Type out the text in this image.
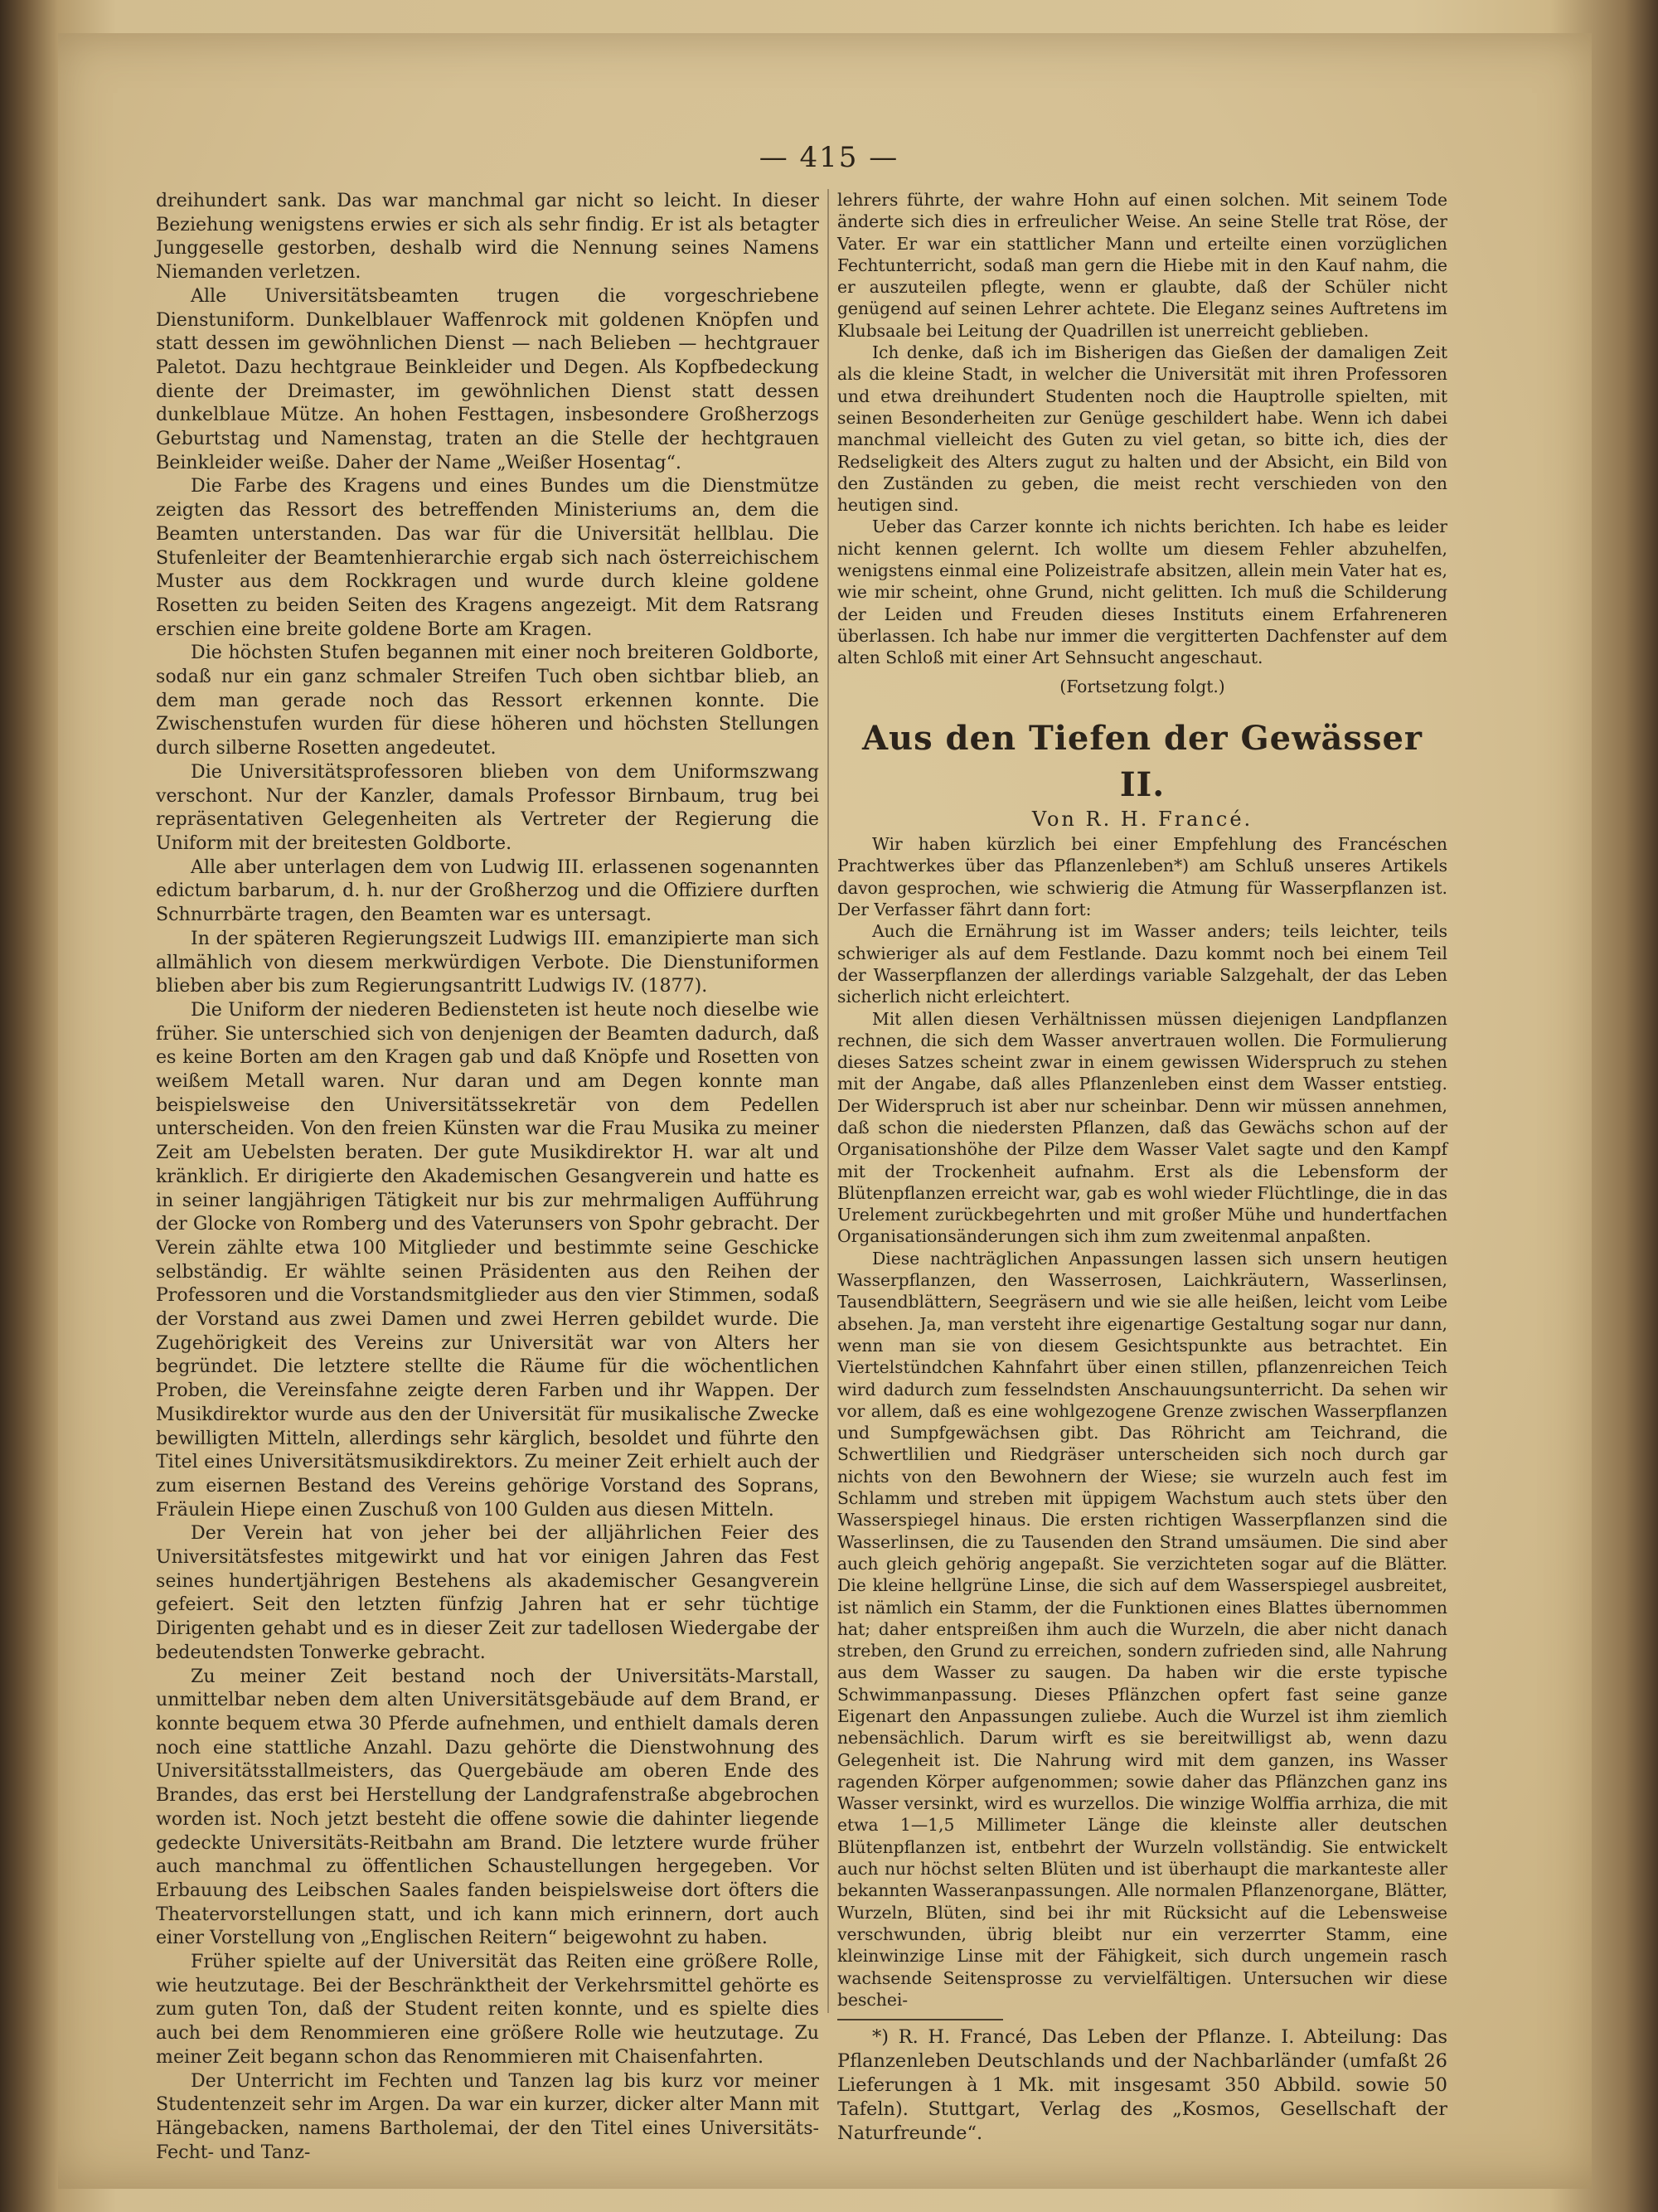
— 415 —

dreihundert sank. Das war manchmal gar nicht so leicht. In dieser Beziehung wenigstens erwies er sich als sehr findig. Er ist als betagter Junggeselle gestorben, deshalb wird die Nennung seines Namens Niemanden verletzen.

Alle Universitätsbeamten trugen die vorgeschriebene Dienstuniform. Dunkelblauer Waffenrock mit goldenen Knöpfen und statt dessen im gewöhnlichen Dienst — nach Belieben — hechtgrauer Paletot. Dazu hechtgraue Beinkleider und Degen. Als Kopfbedeckung diente der Dreimaster, im gewöhnlichen Dienst statt dessen dunkelblaue Mütze. An hohen Festtagen, insbesondere Großherzogs Geburtstag und Namenstag, traten an die Stelle der hechtgrauen Beinkleider weiße. Daher der Name „Weißer Hosentag“.

Die Farbe des Kragens und eines Bundes um die Dienstmütze zeigten das Ressort des betreffenden Ministeriums an, dem die Beamten unterstanden. Das war für die Universität hellblau. Die Stufenleiter der Beamtenhierarchie ergab sich nach österreichischem Muster aus dem Rockkragen und wurde durch kleine goldene Rosetten zu beiden Seiten des Kragens angezeigt. Mit dem Ratsrang erschien eine breite goldene Borte am Kragen.

Die höchsten Stufen begannen mit einer noch breiteren Goldborte, sodaß nur ein ganz schmaler Streifen Tuch oben sichtbar blieb, an dem man gerade noch das Ressort erkennen konnte. Die Zwischenstufen wurden für diese höheren und höchsten Stellungen durch silberne Rosetten angedeutet.

Die Universitätsprofessoren blieben von dem Uniformszwang verschont. Nur der Kanzler, damals Professor Birnbaum, trug bei repräsentativen Gelegenheiten als Vertreter der Regierung die Uniform mit der breitesten Goldborte.

Alle aber unterlagen dem von Ludwig III. erlassenen sogenannten edictum barbarum, d. h. nur der Großherzog und die Offiziere durften Schnurrbärte tragen, den Beamten war es untersagt.

In der späteren Regierungszeit Ludwigs III. emanzipierte man sich allmählich von diesem merkwürdigen Verbote. Die Dienstuniformen blieben aber bis zum Regierungsantritt Ludwigs IV. (1877).

Die Uniform der niederen Bediensteten ist heute noch dieselbe wie früher. Sie unterschied sich von denjenigen der Beamten dadurch, daß es keine Borten am den Kragen gab und daß Knöpfe und Rosetten von weißem Metall waren. Nur daran und am Degen konnte man beispielsweise den Universitätssekretär von dem Pedellen unterscheiden. Von den freien Künsten war die Frau Musika zu meiner Zeit am Uebelsten beraten. Der gute Musikdirektor H. war alt und kränklich. Er dirigierte den Akademischen Gesangverein und hatte es in seiner langjährigen Tätigkeit nur bis zur mehrmaligen Aufführung der Glocke von Romberg und des Vaterunsers von Spohr gebracht. Der Verein zählte etwa 100 Mitglieder und bestimmte seine Geschicke selbständig. Er wählte seinen Präsidenten aus den Reihen der Professoren und die Vorstandsmitglieder aus den vier Stimmen, sodaß der Vorstand aus zwei Damen und zwei Herren gebildet wurde. Die Zugehörigkeit des Vereins zur Universität war von Alters her begründet. Die letztere stellte die Räume für die wöchentlichen Proben, die Vereinsfahne zeigte deren Farben und ihr Wappen. Der Musikdirektor wurde aus den der Universität für musikalische Zwecke bewilligten Mitteln, allerdings sehr kärglich, besoldet und führte den Titel eines Universitätsmusikdirektors. Zu meiner Zeit erhielt auch der zum eisernen Bestand des Vereins gehörige Vorstand des Soprans, Fräulein Hiepe einen Zuschuß von 100 Gulden aus diesen Mitteln.

Der Verein hat von jeher bei der alljährlichen Feier des Universitätsfestes mitgewirkt und hat vor einigen Jahren das Fest seines hundertjährigen Bestehens als akademischer Gesangverein gefeiert. Seit den letzten fünfzig Jahren hat er sehr tüchtige Dirigenten gehabt und es in dieser Zeit zur tadellosen Wiedergabe der bedeutendsten Tonwerke gebracht.

Zu meiner Zeit bestand noch der Universitäts-Marstall, unmittelbar neben dem alten Universitätsgebäude auf dem Brand, er konnte bequem etwa 30 Pferde aufnehmen, und enthielt damals deren noch eine stattliche Anzahl. Dazu gehörte die Dienstwohnung des Universitätsstallmeisters, das Quergebäude am oberen Ende des Brandes, das erst bei Herstellung der Landgrafenstraße abgebrochen worden ist. Noch jetzt besteht die offene sowie die dahinter liegende gedeckte Universitäts-Reitbahn am Brand. Die letztere wurde früher auch manchmal zu öffentlichen Schaustellungen hergegeben. Vor Erbauung des Leibschen Saales fanden beispielsweise dort öfters die Theatervorstellungen statt, und ich kann mich erinnern, dort auch einer Vorstellung von „Englischen Reitern“ beigewohnt zu haben.

Früher spielte auf der Universität das Reiten eine größere Rolle, wie heutzutage. Bei der Beschränktheit der Verkehrsmittel gehörte es zum guten Ton, daß der Student reiten konnte, und es spielte dies auch bei dem Renommieren eine größere Rolle wie heutzutage. Zu meiner Zeit begann schon das Renommieren mit Chaisenfahrten.

Der Unterricht im Fechten und Tanzen lag bis kurz vor meiner Studentenzeit sehr im Argen. Da war ein kurzer, dicker alter Mann mit Hängebacken, namens Bartholemai, der den Titel eines Universitäts-Fecht- und Tanz-

lehrers führte, der wahre Hohn auf einen solchen. Mit seinem Tode änderte sich dies in erfreulicher Weise. An seine Stelle trat Röse, der Vater. Er war ein stattlicher Mann und erteilte einen vorzüglichen Fechtunterricht, sodaß man gern die Hiebe mit in den Kauf nahm, die er auszuteilen pflegte, wenn er glaubte, daß der Schüler nicht genügend auf seinen Lehrer achtete. Die Eleganz seines Auftretens im Klubsaale bei Leitung der Quadrillen ist unerreicht geblieben.

Ich denke, daß ich im Bisherigen das Gießen der damaligen Zeit als die kleine Stadt, in welcher die Universität mit ihren Professoren und etwa dreihundert Studenten noch die Hauptrolle spielten, mit seinen Besonderheiten zur Genüge geschildert habe. Wenn ich dabei manchmal vielleicht des Guten zu viel getan, so bitte ich, dies der Redseligkeit des Alters zugut zu halten und der Absicht, ein Bild von den Zuständen zu geben, die meist recht verschieden von den heutigen sind.

Ueber das Carzer konnte ich nichts berichten. Ich habe es leider nicht kennen gelernt. Ich wollte um diesem Fehler abzuhelfen, wenigstens einmal eine Polizeistrafe absitzen, allein mein Vater hat es, wie mir scheint, ohne Grund, nicht gelitten. Ich muß die Schilderung der Leiden und Freuden dieses Instituts einem Erfahreneren überlassen. Ich habe nur immer die vergitterten Dachfenster auf dem alten Schloß mit einer Art Sehnsucht angeschaut.

(Fortsetzung folgt.)
Aus den Tiefen der Gewässer II.
Von R. H. Francé.

Wir haben kürzlich bei einer Empfehlung des Francéschen Prachtwerkes über das Pflanzenleben*) am Schluß unseres Artikels davon gesprochen, wie schwierig die Atmung für Wasserpflanzen ist. Der Verfasser fährt dann fort:

Auch die Ernährung ist im Wasser anders; teils leichter, teils schwieriger als auf dem Festlande. Dazu kommt noch bei einem Teil der Wasserpflanzen der allerdings variable Salzgehalt, der das Leben sicherlich nicht erleichtert.

Mit allen diesen Verhältnissen müssen diejenigen Landpflanzen rechnen, die sich dem Wasser anvertrauen wollen. Die Formulierung dieses Satzes scheint zwar in einem gewissen Widerspruch zu stehen mit der Angabe, daß alles Pflanzenleben einst dem Wasser entstieg. Der Widerspruch ist aber nur scheinbar. Denn wir müssen annehmen, daß schon die niedersten Pflanzen, daß das Gewächs schon auf der Organisationshöhe der Pilze dem Wasser Valet sagte und den Kampf mit der Trockenheit aufnahm. Erst als die Lebensform der Blütenpflanzen erreicht war, gab es wohl wieder Flüchtlinge, die in das Urelement zurückbegehrten und mit großer Mühe und hundertfachen Organisationsänderungen sich ihm zum zweitenmal anpaßten.

Diese nachträglichen Anpassungen lassen sich unsern heutigen Wasserpflanzen, den Wasserrosen, Laichkräutern, Wasserlinsen, Tausendblättern, Seegräsern und wie sie alle heißen, leicht vom Leibe absehen. Ja, man versteht ihre eigenartige Gestaltung sogar nur dann, wenn man sie von diesem Gesichtspunkte aus betrachtet. Ein Viertelstündchen Kahnfahrt über einen stillen, pflanzenreichen Teich wird dadurch zum fesselndsten Anschauungsunterricht. Da sehen wir vor allem, daß es eine wohlgezogene Grenze zwischen Wasserpflanzen und Sumpfgewächsen gibt. Das Röhricht am Teichrand, die Schwertlilien und Riedgräser unterscheiden sich noch durch gar nichts von den Bewohnern der Wiese; sie wurzeln auch fest im Schlamm und streben mit üppigem Wachstum auch stets über den Wasserspiegel hinaus. Die ersten richtigen Wasserpflanzen sind die Wasserlinsen, die zu Tausenden den Strand umsäumen. Die sind aber auch gleich gehörig angepaßt. Sie verzichteten sogar auf die Blätter. Die kleine hellgrüne Linse, die sich auf dem Wasserspiegel ausbreitet, ist nämlich ein Stamm, der die Funktionen eines Blattes übernommen hat; daher entspreißen ihm auch die Wurzeln, die aber nicht danach streben, den Grund zu erreichen, sondern zufrieden sind, alle Nahrung aus dem Wasser zu saugen. Da haben wir die erste typische Schwimmanpassung. Dieses Pflänzchen opfert fast seine ganze Eigenart den Anpassungen zuliebe. Auch die Wurzel ist ihm ziemlich nebensächlich. Darum wirft es sie bereitwilligst ab, wenn dazu Gelegenheit ist. Die Nahrung wird mit dem ganzen, ins Wasser ragenden Körper aufgenommen; sowie daher das Pflänzchen ganz ins Wasser versinkt, wird es wurzellos. Die winzige Wolffia arrhiza, die mit etwa 1—1,5 Millimeter Länge die kleinste aller deutschen Blütenpflanzen ist, entbehrt der Wurzeln vollständig. Sie entwickelt auch nur höchst selten Blüten und ist überhaupt die markanteste aller bekannten Wasseranpassungen. Alle normalen Pflanzenorgane, Blätter, Wurzeln, Blüten, sind bei ihr mit Rücksicht auf die Lebensweise verschwunden, übrig bleibt nur ein verzerrter Stamm, eine kleinwinzige Linse mit der Fähigkeit, sich durch ungemein rasch wachsende Seitensprosse zu vervielfältigen. Untersuchen wir diese beschei-

*) R. H. Francé, Das Leben der Pflanze. I. Abteilung: Das Pflanzenleben Deutschlands und der Nachbarländer (umfaßt 26 Lieferungen à 1 Mk. mit insgesamt 350 Abbild. sowie 50 Tafeln). Stuttgart, Verlag des „Kosmos, Gesellschaft der Naturfreunde“.
